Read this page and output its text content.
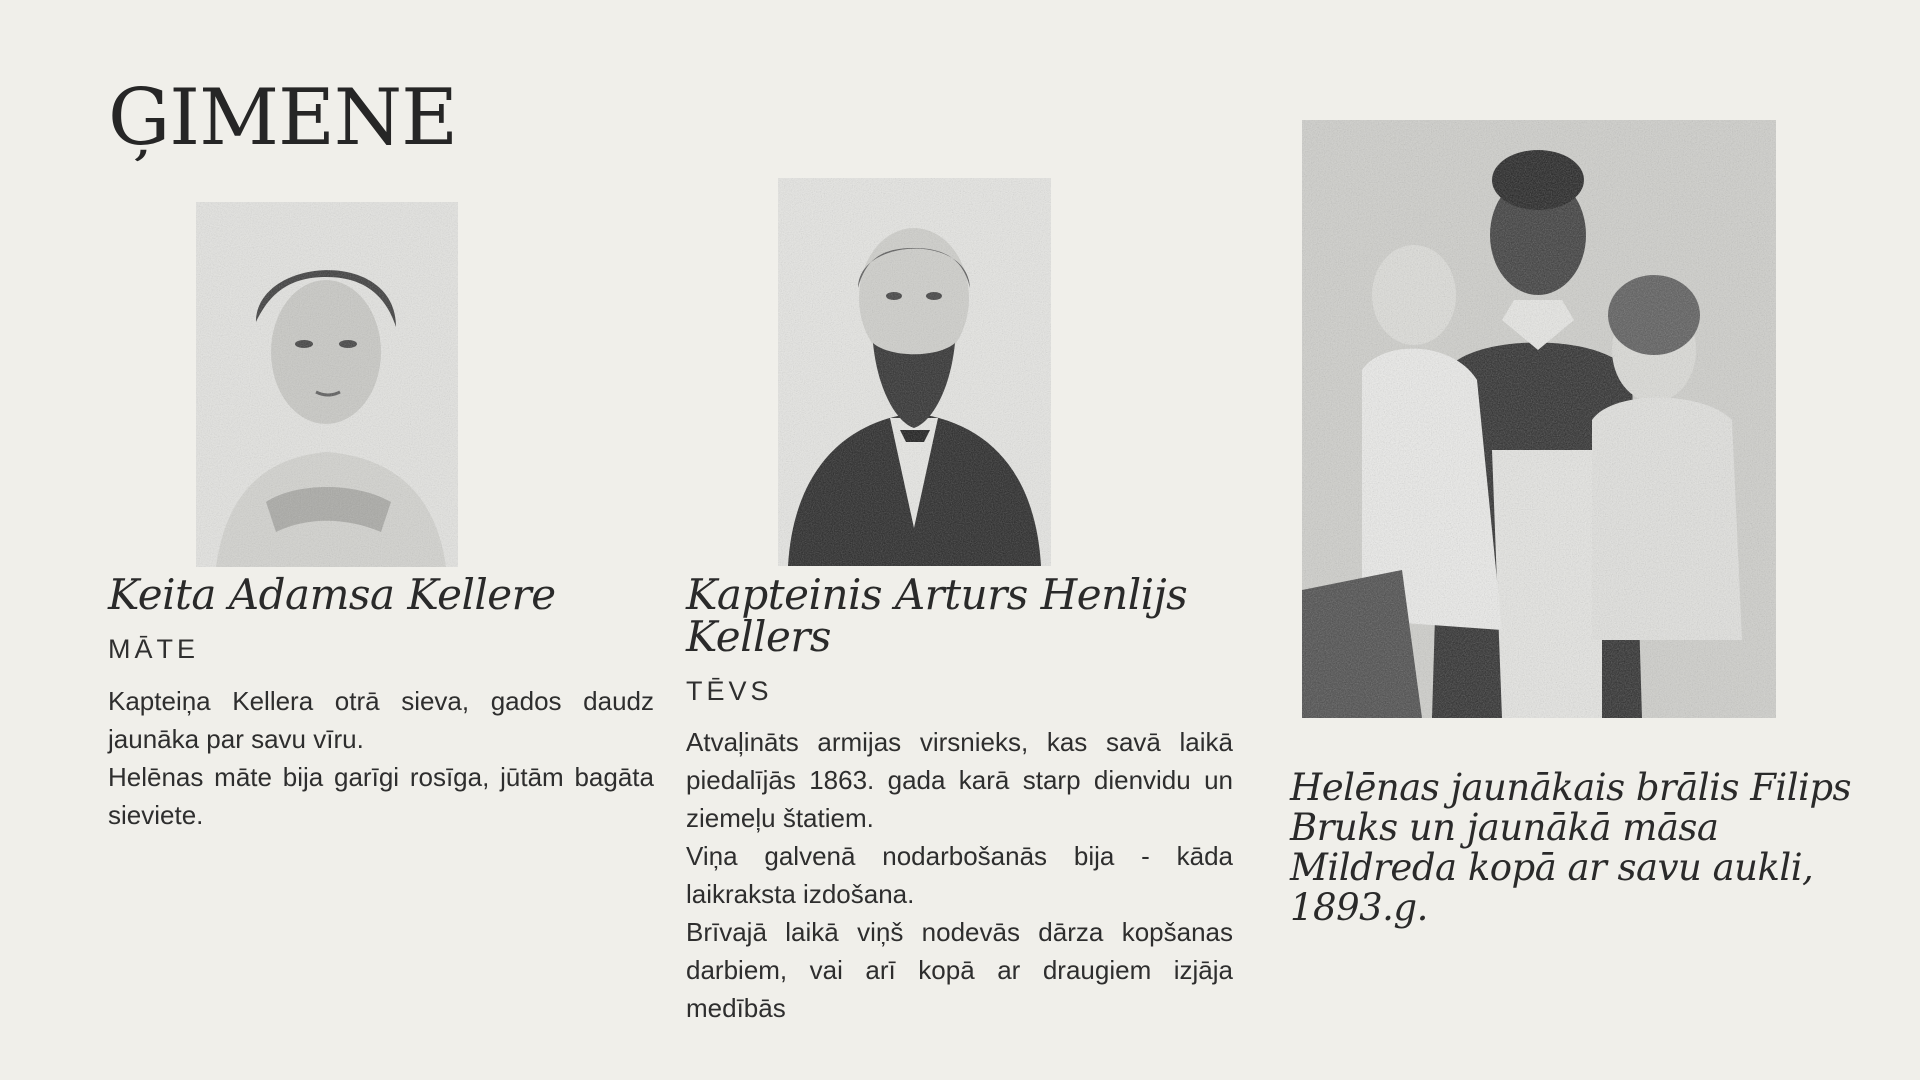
ĢIMENE
Keita Adamsa Kellere
MĀTE

Kapteiņa Kellera otrā sieva, gados daudz jaunāka par savu vīru.

Helēnas māte bija garīgi rosīga, jūtām bagāta sieviete.

Kapteinis Arturs Henlijs Kellers
TĒVS

Atvaļināts armijas virsnieks, kas savā laikā piedalījās 1863. gada karā starp dienvidu un ziemeļu štatiem.

Viņa galvenā nodarbošanās bija - kāda laikraksta izdošana.

Brīvajā laikā viņš nodevās dārza kopšanas darbiem, vai arī kopā ar draugiem izjāja medībās

Helēnas jaunākais brālis Filips Bruks un jaunākā māsa Mildreda kopā ar savu aukli, 1893.g.
